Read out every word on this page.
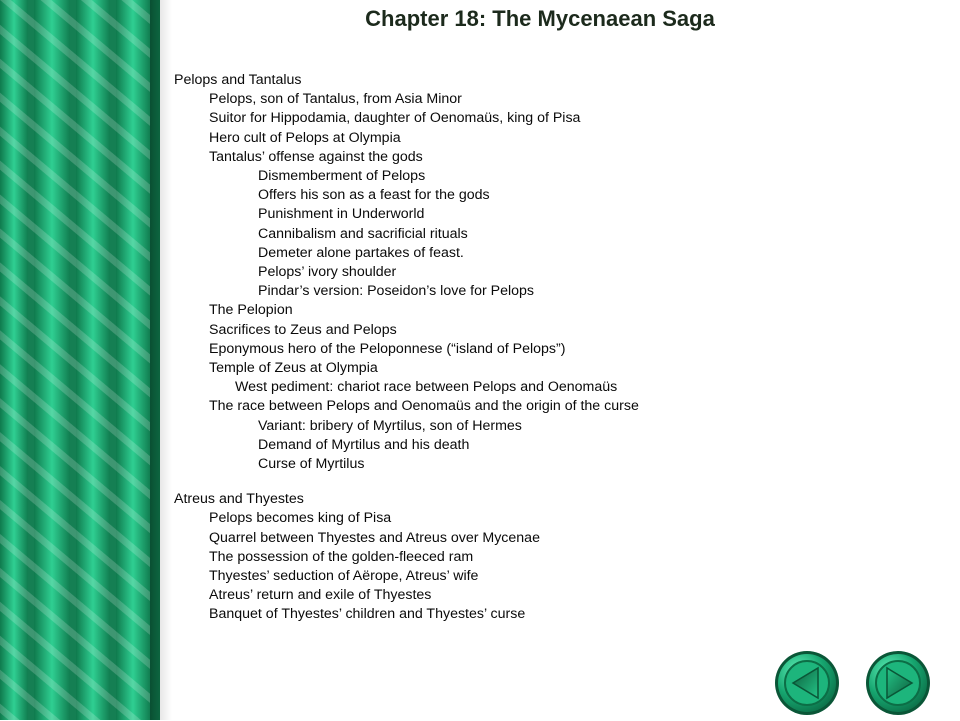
Chapter 18: The Mycenaean Saga
Pelops and Tantalus
Pelops, son of Tantalus, from Asia Minor
Suitor for Hippodamia, daughter of Oenomaüs, king of Pisa
Hero cult of Pelops at Olympia
Tantalus’ offense against the gods
Dismemberment of Pelops
Offers his son as a feast for the gods
Punishment in Underworld
Cannibalism and sacrificial rituals
Demeter alone partakes of feast.
Pelops’ ivory shoulder
Pindar’s version: Poseidon’s love for Pelops
The Pelopion
Sacrifices to Zeus and Pelops
Eponymous hero of the Peloponnese (“island of Pelops”)
Temple of Zeus at Olympia
West pediment: chariot race between Pelops and Oenomaüs
The race between Pelops and Oenomaüs and the origin of the curse
Variant: bribery of Myrtilus, son of Hermes
Demand of Myrtilus and his death
Curse of Myrtilus
Atreus and Thyestes
Pelops becomes king of Pisa
Quarrel between Thyestes and Atreus over Mycenae
The possession of the golden-fleeced ram
Thyestes’ seduction of Aërope, Atreus’ wife
Atreus’ return and exile of Thyestes
Banquet of Thyestes’ children and Thyestes’ curse
